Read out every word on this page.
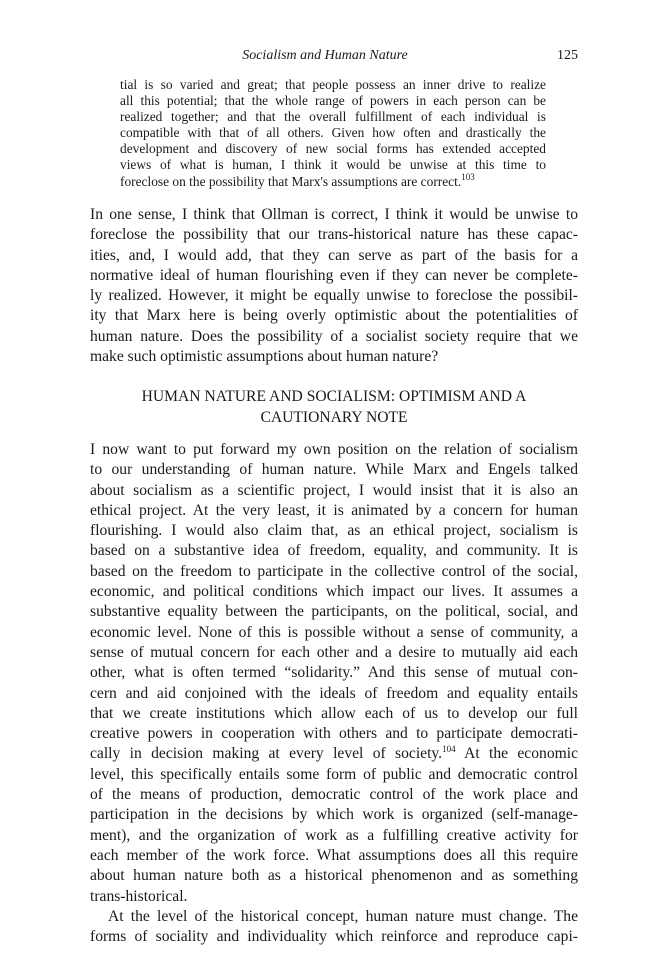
Socialism and Human Nature	125
tial is so varied and great; that people possess an inner drive to realize
all this potential; that the whole range of powers in each person can be
realized together; and that the overall fulfillment of each individual is
compatible with that of all others. Given how often and drastically the
development and discovery of new social forms has extended accepted
views of what is human, I think it would be unwise at this time to
foreclose on the possibility that Marx's assumptions are correct.$^{103}$
In one sense, I think that Ollman is correct, I think it would be unwise to
foreclose the possibility that our trans-historical nature has these capac-
ities, and, I would add, that they can serve as part of the basis for a
normative ideal of human flourishing even if they can never be complete-
ly realized. However, it might be equally unwise to foreclose the possibil-
ity that Marx here is being overly optimistic about the potentialities of
human nature. Does the possibility of a socialist society require that we
make such optimistic assumptions about human nature?
HUMAN NATURE AND SOCIALISM: OPTIMISM AND A
CAUTIONARY NOTE
I now want to put forward my own position on the relation of socialism
to our understanding of human nature. While Marx and Engels talked
about socialism as a scientific project, I would insist that it is also an
ethical project. At the very least, it is animated by a concern for human
flourishing. I would also claim that, as an ethical project, socialism is
based on a substantive idea of freedom, equality, and community. It is
based on the freedom to participate in the collective control of the social,
economic, and political conditions which impact our lives. It assumes a
substantive equality between the participants, on the political, social, and
economic level. None of this is possible without a sense of community, a
sense of mutual concern for each other and a desire to mutually aid each
other, what is often termed “solidarity.” And this sense of mutual con-
cern and aid conjoined with the ideals of freedom and equality entails
that we create institutions which allow each of us to develop our full
creative powers in cooperation with others and to participate democrati-
cally in decision making at every level of society.$^{104}$ At the economic
level, this specifically entails some form of public and democratic control
of the means of production, democratic control of the work place and
participation in the decisions by which work is organized (self-manage-
ment), and the organization of work as a fulfilling creative activity for
each member of the work force. What assumptions does all this require
about human nature both as a historical phenomenon and as something
trans-historical.
At the level of the historical concept, human nature must change. The
forms of sociality and individuality which reinforce and reproduce capi-
